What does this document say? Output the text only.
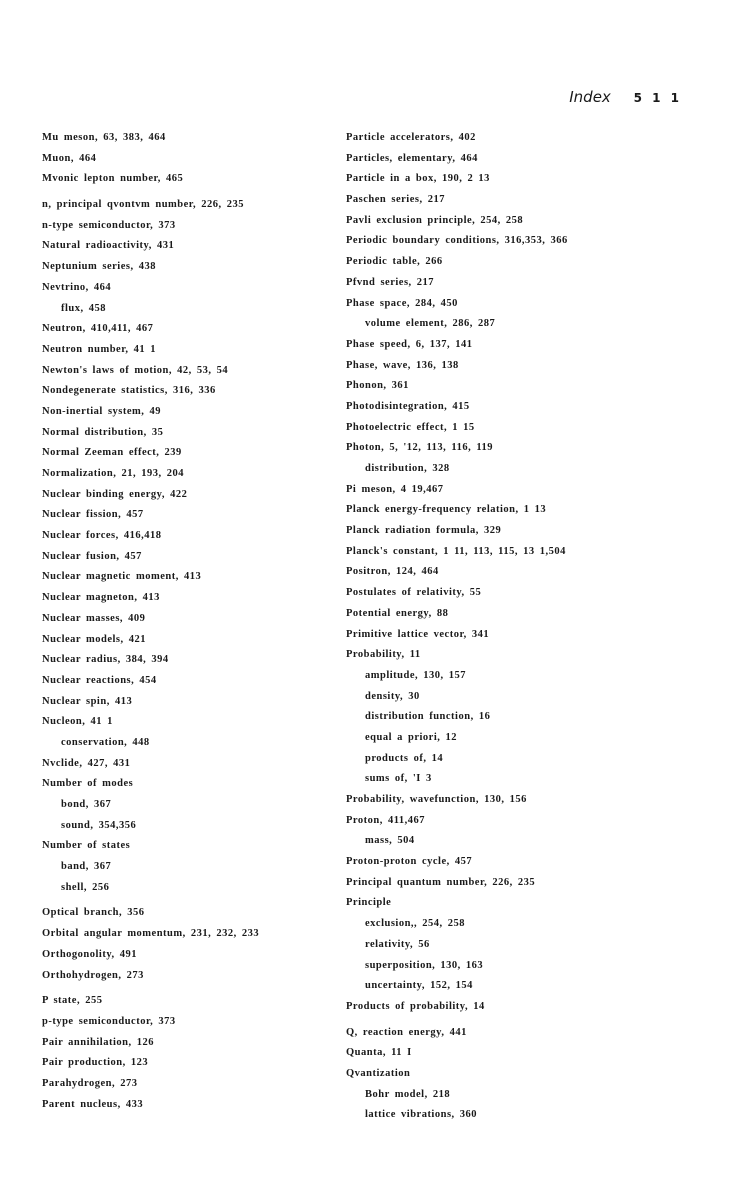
Index 5 1 1
Mu meson, 63, 383, 464
Muon, 464
Mvonic lepton number, 465
n, principal qvontvm number, 226, 235
n-type semiconductor, 373
Natural radioactivity, 431
Neptunium series, 438
Nevtrino, 464
flux, 458
Neutron, 410,411, 467
Neutron number, 41 1
Newton's laws of motion, 42, 53, 54
Nondegenerate statistics, 316, 336
Non-inertial system, 49
Normal distribution, 35
Normal Zeeman effect, 239
Normalization, 21, 193, 204
Nuclear binding energy, 422
Nuclear fission, 457
Nuclear forces, 416,418
Nuclear fusion, 457
Nuclear magnetic moment, 413
Nuclear magneton, 413
Nuclear masses, 409
Nuclear models, 421
Nuclear radius, 384, 394
Nuclear reactions, 454
Nuclear spin, 413
Nucleon, 41 1
conservation, 448
Nvclide, 427, 431
Number of modes
bond, 367
sound, 354,356
Number of states
band, 367
shell, 256
Optical branch, 356
Orbital angular momentum, 231, 232, 233
Orthogonolity, 491
Orthohydrogen, 273
P state, 255
p-type semiconductor, 373
Pair annihilation, 126
Pair production, 123
Parahydrogen, 273
Parent nucleus, 433
Particle accelerators, 402
Particles, elementary, 464
Particle in a box, 190, 2 13
Paschen series, 217
Pavli exclusion principle, 254, 258
Periodic boundary conditions, 316,353, 366
Periodic table, 266
Pfvnd series, 217
Phase space, 284, 450
volume element, 286, 287
Phase speed, 6, 137, 141
Phase, wave, 136, 138
Phonon, 361
Photodisintegration, 415
Photoelectric effect, 1 15
Photon, 5, '12, 113, 116, 119
distribution, 328
Pi meson, 4 19,467
Planck energy-frequency relation, 1 13
Planck radiation formula, 329
Planck's constant, 1 11, 113, 115, 13 1,504
Positron, 124, 464
Postulates of relativity, 55
Potential energy, 88
Primitive lattice vector, 341
Probability, 11
amplitude, 130, 157
density, 30
distribution function, 16
equal a priori, 12
products of, 14
sums of, 'I 3
Probability, wavefunction, 130, 156
Proton, 411,467
mass, 504
Proton-proton cycle, 457
Principal quantum number, 226, 235
Principle
exclusion,, 254, 258
relativity, 56
superposition, 130, 163
uncertainty, 152, 154
Products of probability, 14
Q, reaction energy, 441
Quanta, 11 I
Qvantization
Bohr model, 218
lattice vibrations, 360
